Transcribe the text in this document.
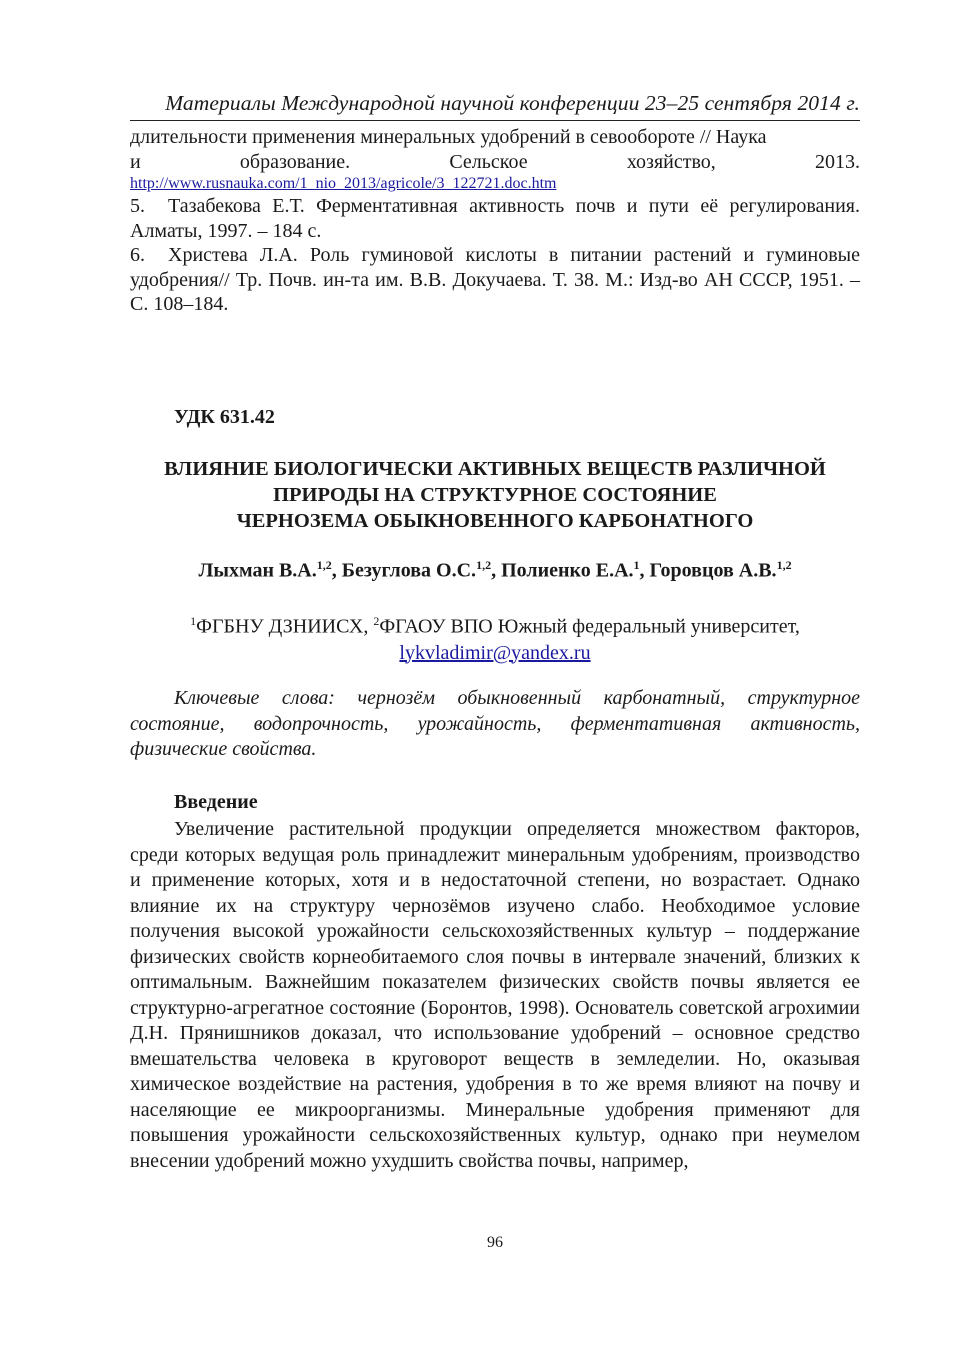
Материалы Международной научной конференции 23–25 сентября 2014 г.

длительности применения минеральных удобрений в севообороте // Наука
и	образование.	Сельское	хозяйство,	2013.
http://www.rusnauka.com/1_nio_2013/agricole/3_122721.doc.htm

5. Тазабекова Е.Т. Ферментативная активность почв и пути её регулирования. Алматы, 1997. – 184 с.

6. Христева Л.А. Роль гуминовой кислоты в питании растений и гуминовые удобрения// Тр. Почв. ин-та им. В.В. Докучаева. Т. 38. М.: Изд-во АН СССР, 1951. – С. 108–184.

УДК 631.42

ВЛИЯНИЕ БИОЛОГИЧЕСКИ АКТИВНЫХ ВЕЩЕСТВ РАЗЛИЧНОЙ
ПРИРОДЫ НА СТРУКТУРНОЕ СОСТОЯНИЕ
ЧЕРНОЗЕМА ОБЫКНОВЕННОГО КАРБОНАТНОГО

Лыхман В.А.$^{1,2}$, Безуглова О.С.$^{1,2}$, Полиенко Е.А.$^1$, Горовцов А.В.$^{1,2}$

$^1$ФГБНУ ДЗНИИСХ, $^2$ФГАОУ ВПО Южный федеральный университет,
lykvladimir@yandex.ru

Ключевые слова: чернозём обыкновенный карбонатный, структурное состояние, водопрочность, урожайность, ферментативная активность, физические свойства.

Введение

Увеличение растительной продукции определяется множеством факторов, среди которых ведущая роль принадлежит минеральным удобрениям, производство и применение которых, хотя и в недостаточной степени, но возрастает. Однако влияние их на структуру чернозёмов изучено слабо. Необходимое условие получения высокой урожайности сельскохозяйственных культур – поддержание физических свойств корнеобитаемого слоя почвы в интервале значений, близких к оптимальным. Важнейшим показателем физических свойств почвы является ее структурно-агрегатное состояние (Боронтов, 1998). Основатель советской агрохимии Д.Н. Прянишников доказал, что использование удобрений – основное средство вмешательства человека в круговорот веществ в земледелии. Но, оказывая химическое воздействие на растения, удобрения в то же время влияют на почву и населяющие ее микроорганизмы. Минеральные удобрения применяют для повышения урожайности сельскохозяйственных культур, однако при неумелом внесении удобрений можно ухудшить свойства почвы, например,

96
